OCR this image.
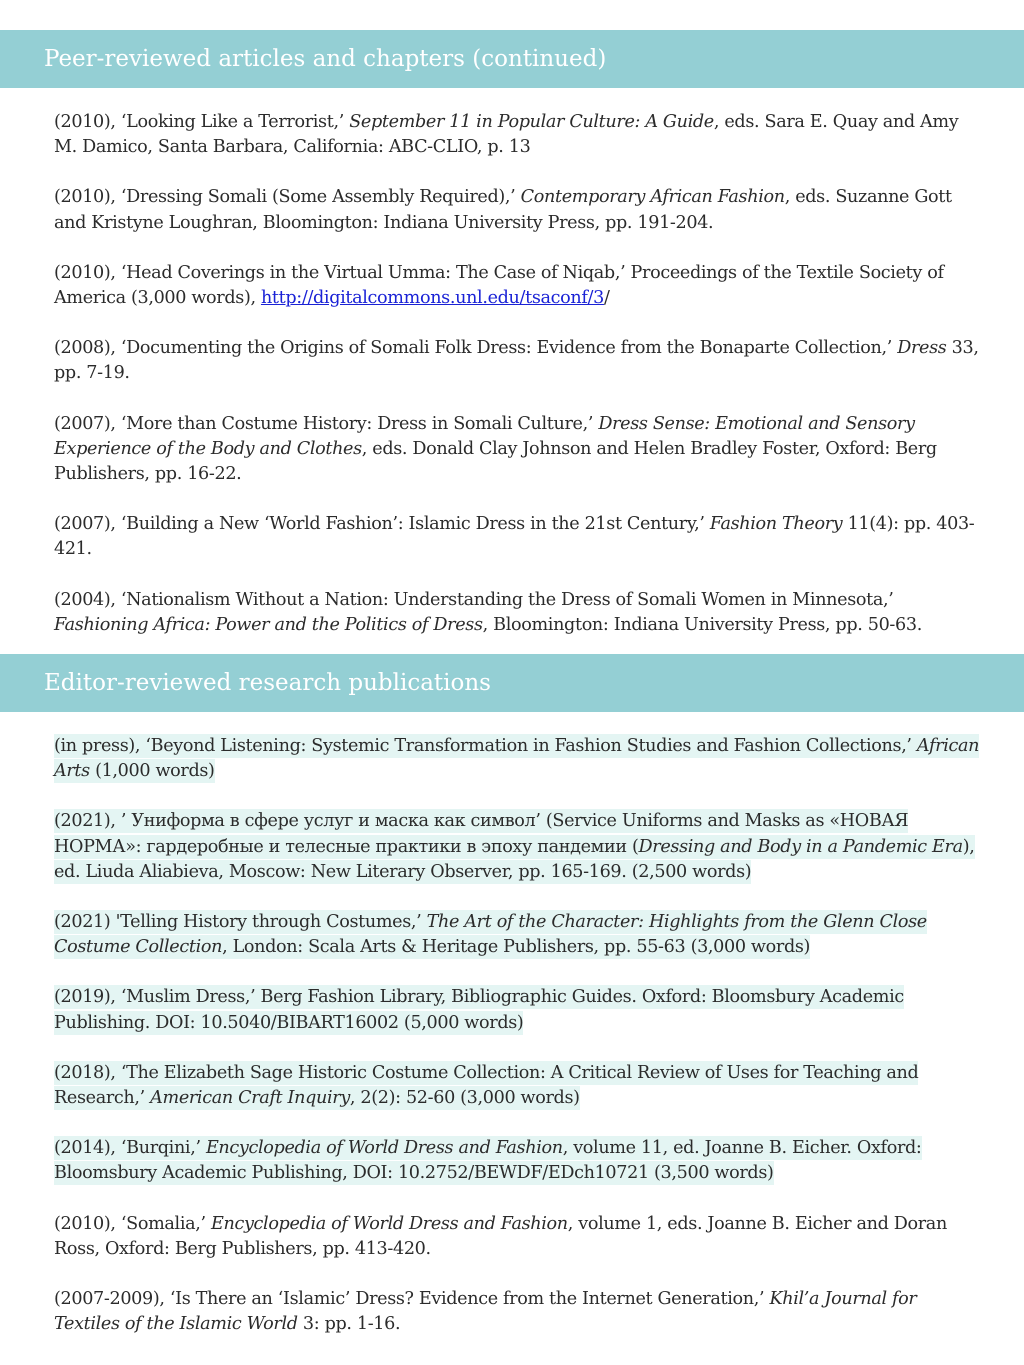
Peer-reviewed articles and chapters (continued)
(2010), ‘Looking Like a Terrorist,’ September 11 in Popular Culture: A Guide, eds. Sara E. Quay and Amy M. Damico, Santa Barbara, California: ABC-CLIO, p. 13
(2010), ‘Dressing Somali (Some Assembly Required),’ Contemporary African Fashion, eds. Suzanne Gott and Kristyne Loughran, Bloomington: Indiana University Press, pp. 191-204.
(2010), ‘Head Coverings in the Virtual Umma: The Case of Niqab,’ Proceedings of the Textile Society of America (3,000 words), http://digitalcommons.unl.edu/tsaconf/3/
(2008), ‘Documenting the Origins of Somali Folk Dress: Evidence from the Bonaparte Collection,’ Dress 33, pp. 7-19.
(2007), ‘More than Costume History: Dress in Somali Culture,’ Dress Sense: Emotional and Sensory Experience of the Body and Clothes, eds. Donald Clay Johnson and Helen Bradley Foster, Oxford: Berg Publishers, pp. 16-22.
(2007), ‘Building a New ‘World Fashion’: Islamic Dress in the 21st Century,’ Fashion Theory 11(4): pp. 403-421.
(2004), ‘Nationalism Without a Nation: Understanding the Dress of Somali Women in Minnesota,’ Fashioning Africa: Power and the Politics of Dress, Bloomington: Indiana University Press, pp. 50-63.
Editor-reviewed research publications
(in press), ‘Beyond Listening: Systemic Transformation in Fashion Studies and Fashion Collections,’ African Arts (1,000 words)
(2021), ’ Униформа в сфере услуг и маска как символ’ (Service Uniforms and Masks as «НОВАЯ НОРМА»: гардеробные и телесные практики в эпоху пандемии (Dressing and Body in a Pandemic Era), ed. Liuda Aliabieva, Moscow: New Literary Observer, pp. 165-169. (2,500 words)
(2021) 'Telling History through Costumes,’ The Art of the Character: Highlights from the Glenn Close Costume Collection, London: Scala Arts & Heritage Publishers, pp. 55-63 (3,000 words)
(2019), ‘Muslim Dress,’ Berg Fashion Library, Bibliographic Guides. Oxford: Bloomsbury Academic Publishing. DOI: 10.5040/BIBART16002 (5,000 words)
(2018), ‘The Elizabeth Sage Historic Costume Collection: A Critical Review of Uses for Teaching and Research,’ American Craft Inquiry, 2(2): 52-60 (3,000 words)
(2014), ‘Burqini,’ Encyclopedia of World Dress and Fashion, volume 11, ed. Joanne B. Eicher. Oxford: Bloomsbury Academic Publishing, DOI: 10.2752/BEWDF/EDch10721 (3,500 words)
(2010), ‘Somalia,’ Encyclopedia of World Dress and Fashion, volume 1, eds. Joanne B. Eicher and Doran Ross, Oxford: Berg Publishers, pp. 413-420.
(2007-2009), ‘Is There an ‘Islamic’ Dress? Evidence from the Internet Generation,’ Khil’a Journal for Textiles of the Islamic World 3: pp. 1-16.
